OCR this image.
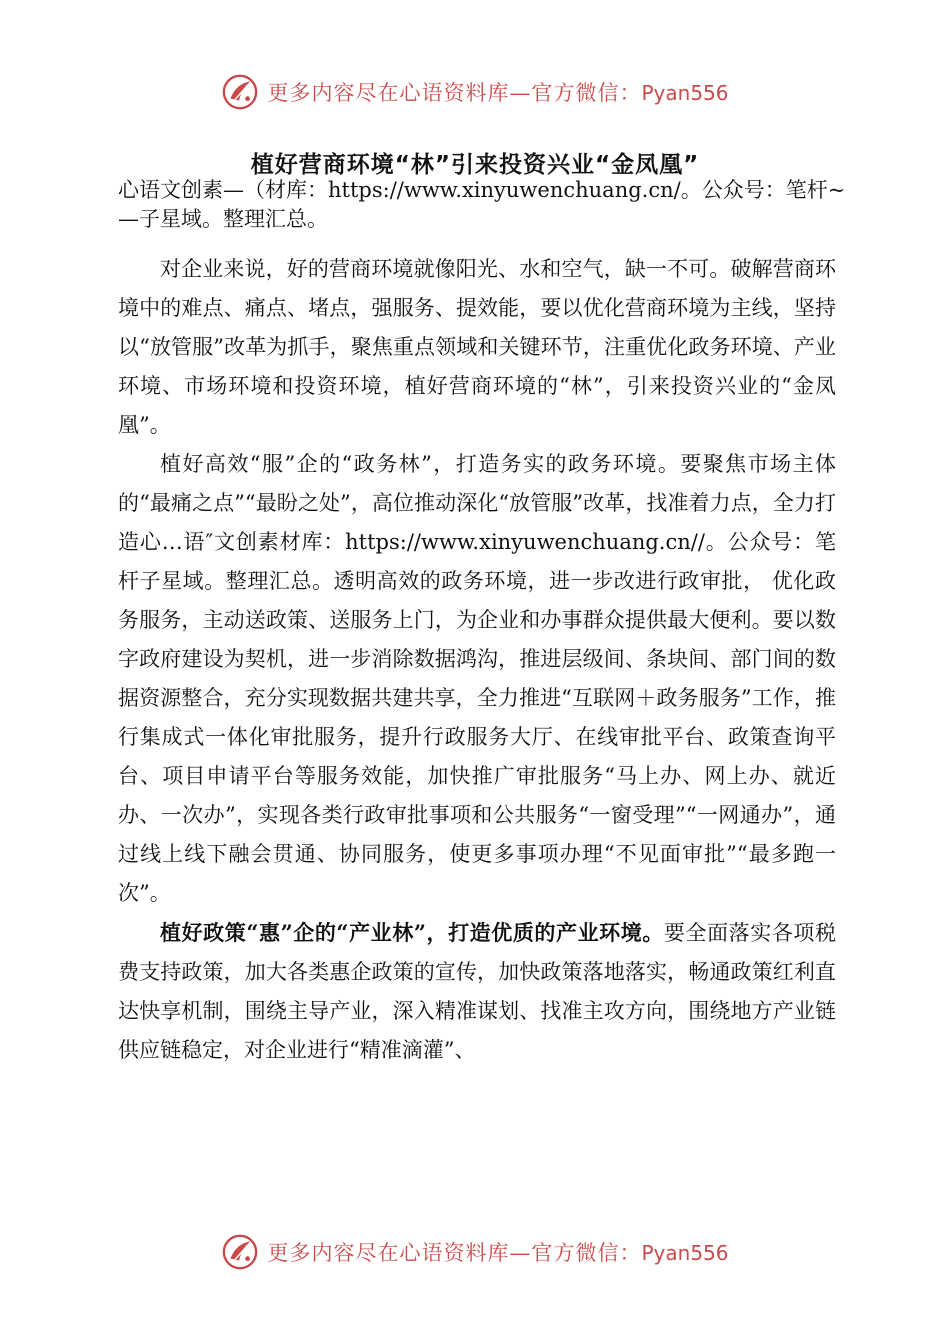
更多内容尽在心语资料库—官方微信：Pyan556
植好营商环境“林”引来投资兴业“金凤凰”
心语文创素—（材库：https://www.xinyuwenchuang.cn/。公众号：笔杆~—子星域。整理汇总。

对企业来说，好的营商环境就像阳光、水和空气，缺一不可。破解营商环境中的难点、痛点、堵点，强服务、提效能，要以优化营商环境为主线，坚持以“放管服”改革为抓手，聚焦重点领域和关键环节，注重优化政务环境、产业环境、市场环境和投资环境，植好营商环境的“林”，引来投资兴业的“金凤凰”。

植好高效“服”企的“政务林”，打造务实的政务环境。要聚焦市场主体的“最痛之点”“最盼之处”，高位推动深化“放管服”改革，找准着力点，全力打造心…语″文创素材库：https://www.xinyuwenchuang.cn//。公众号：笔杆子星域。整理汇总。透明高效的政务环境，进一步改进行政审批， 优化政务服务，主动送政策、送服务上门，为企业和办事群众提供最大便利。要以数字政府建设为契机，进一步消除数据鸿沟，推进层级间、条块间、部门间的数据资源整合，充分实现数据共建共享，全力推进“互联网＋政务服务”工作，推行集成式一体化审批服务，提升行政服务大厅、在线审批平台、政策查询平台、项目申请平台等服务效能，加快推广审批服务“马上办、网上办、就近办、一次办”，实现各类行政审批事项和公共服务“一窗受理”“一网通办”，通过线上线下融会贯通、协同服务，使更多事项办理“不见面审批”“最多跑一次”。

植好政策“惠”企的“产业林”，打造优质的产业环境。要全面落实各项税费支持政策，加大各类惠企政策的宣传，加快政策落地落实，畅通政策红利直达快享机制，围绕主导产业，深入精准谋划、找准主攻方向，围绕地方产业链供应链稳定，对企业进行“精准滴灌”、

更多内容尽在心语资料库—官方微信：Pyan556
